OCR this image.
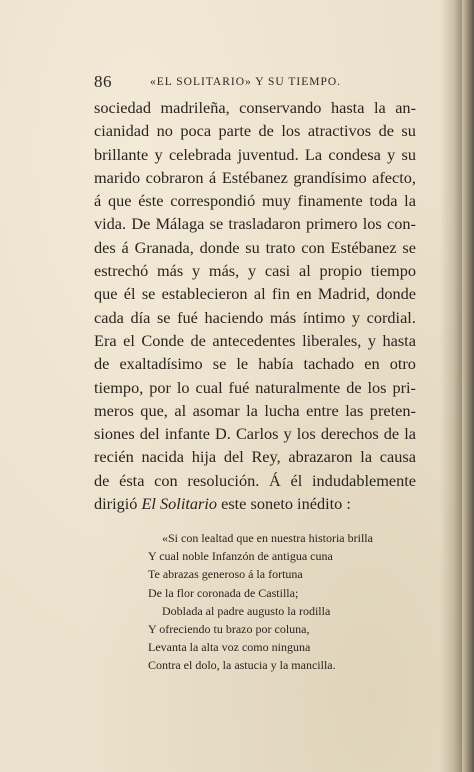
86	«EL SOLITARIO» Y SU TIEMPO.
sociedad madrileña, conservando hasta la an-
cianidad no poca parte de los atractivos de su
brillante y celebrada juventud. La condesa y su
marido cobraron á Estébanez grandísimo afecto,
á que éste correspondió muy finamente toda la
vida. De Málaga se trasladaron primero los con-
des á Granada, donde su trato con Estébanez se
estrechó más y más, y casi al propio tiempo
que él se establecieron al fin en Madrid, donde
cada día se fué haciendo más íntimo y cordial.
Era el Conde de antecedentes liberales, y hasta
de exaltadísimo se le había tachado en otro
tiempo, por lo cual fué naturalmente de los pri-
meros que, al asomar la lucha entre las preten-
siones del infante D. Carlos y los derechos de la
recién nacida hija del Rey, abrazaron la causa
de ésta con resolución. Á él indudablemente
dirigió El Solitario este soneto inédito :
«Si con lealtad que en nuestra historia brilla
Y cual noble Infanzón de antigua cuna
Te abrazas generoso á la fortuna
De la flor coronada de Castilla;
Doblada al padre augusto la rodilla
Y ofreciendo tu brazo por coluna,
Levanta la alta voz como ninguna
Contra el dolo, la astucia y la mancilla.
